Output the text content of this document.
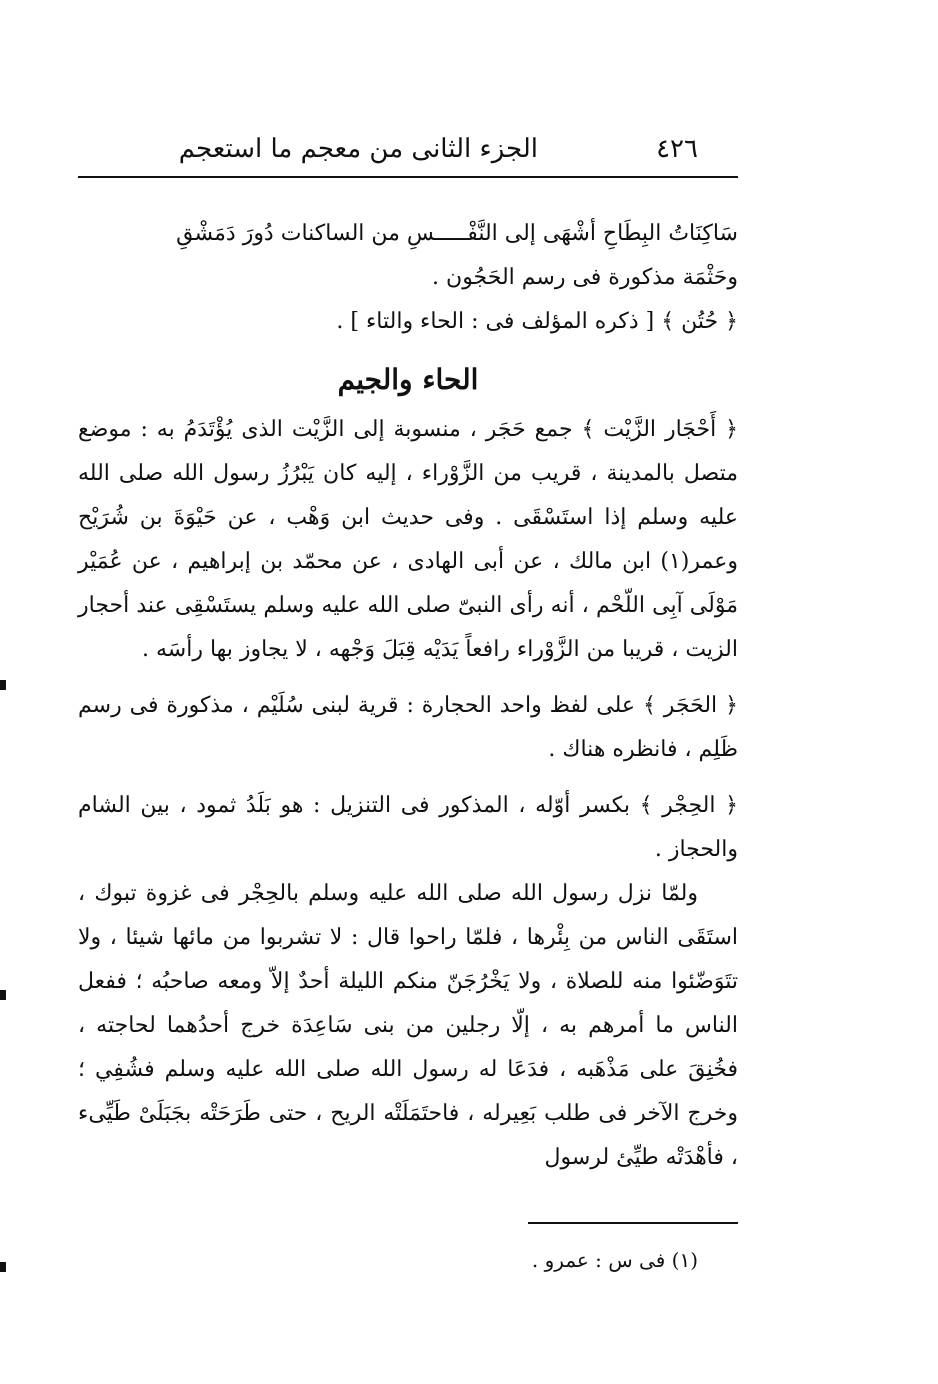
٤٢٦
الجزء الثانى من معجم ما استعجم

سَاكِنَاتُ البِطَاحِ أشْهَى إلى النَّفْـــــسِ من الساكنات دُورَ دَمَشْقِ

وحَثْمَة مذكورة فى رسم الحَجُون .

﴿ حُتُن ﴾ [ ذكره المؤلف فى : الحاء والتاء ] .

الحاء والجيم

﴿ أَحْجَار الزَّيْت ﴾ جمع حَجَر ، منسوبة إلى الزَّيْت الذى يُؤْتَدَمُ به : موضع متصل بالمدينة ، قريب من الزَّوْراء ، إليه كان يَبْرُزُ رسول الله صلى الله عليه وسلم إذا استَسْقَى . وفى حديث ابن وَهْب ، عن حَيْوَةَ بن شُرَيْح وعمر(١) ابن مالك ، عن أبى الهادى ، عن محمّد بن إبراهيم ، عن عُمَيْر مَوْلَى آبِى اللّحْم ، أنه رأى النبىّ صلى الله عليه وسلم يستَسْقِى عند أحجار الزيت ، قريبا من الزَّوْراء رافعاً يَدَيْه قِبَلَ وَجْهه ، لا يجاوز بها رأسَه .

﴿ الحَجَر ﴾ على لفظ واحد الحجارة : قرية لبنى سُلَيْم ، مذكورة فى رسم ظَلِم ، فانظره هناك .

﴿ الحِجْر ﴾ بكسر أوّله ، المذكور فى التنزيل : هو بَلَدُ ثمود ، بين الشام والحجاز .

ولمّا نزل رسول الله صلى الله عليه وسلم بالحِجْر فى غزوة تبوك ، استَقَى الناس من بِئْرها ، فلمّا راحوا قال : لا تشربوا من مائها شيئا ، ولا تتَوَضّئوا منه للصلاة ، ولا يَخْرُجَنّ منكم الليلة أحدٌ إلاّ ومعه صاحبُه ؛ ففعل الناس ما أمرهم به ، إلّا رجلين من بنى سَاعِدَة خرج أحدُهما لحاجته ، فخُنِقَ على مَذْهَبه ، فدَعَا له رسول الله صلى الله عليه وسلم فشُفِي ؛ وخرج الآخر فى طلب بَعِيرله ، فاحتَمَلَتْه الريح ، حتى طَرَحَتْه بجَبَلَىْ طَيِّىء ، فأهْدَتْه طيِّئ لرسول

(١) فى س : عمرو .
